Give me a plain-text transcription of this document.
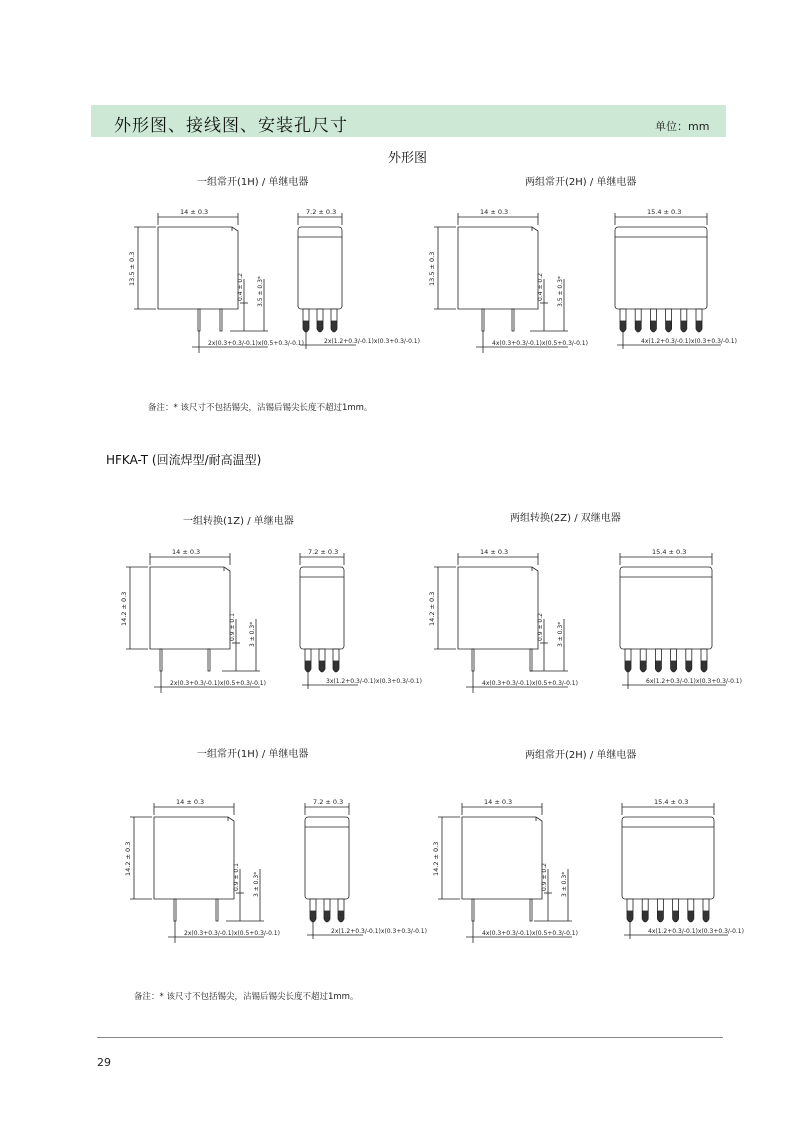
外形图、接线图、安装孔尺寸	单位：mm
外形图
一组常开(1H) / 单继电器	两组常开(2H) / 单继电器
一组转换(1Z) / 单继电器	两组转换(2Z) / 双继电器
一组常开(1H) / 单继电器	两组常开(2H) / 单继电器
备注：* 该尺寸不包括锡尖，沾锡后锡尖长度不超过1mm。
HFKA-T (回流焊型/耐高温型)
备注：* 该尺寸不包括锡尖，沾锡后锡尖长度不超过1mm。
29
14 ± 0.3
13.5 ± 0.3
0.4 ± 0.2 3.5 ± 0.3*
2x(0.3+0.3/-0.1)x(0.5+0.3/-0.1)
7.2 ± 0.3
2x(1.2+0.3/-0.1)x(0.3+0.3/-0.1)
14 ± 0.3
13.5 ± 0.3
0.4 ± 0.2 3.5 ± 0.3*
4x(0.3+0.3/-0.1)x(0.5+0.3/-0.1)
15.4 ± 0.3
4x(1.2+0.3/-0.1)x(0.3+0.3/-0.1)
14 ± 0.3
14.2 ± 0.3
0.9 ± 0.1 3 ± 0.3*
2x(0.3+0.3/-0.1)x(0.5+0.3/-0.1)
7.2 ± 0.3
3x(1.2+0.3/-0.1)x(0.3+0.3/-0.1)
14 ± 0.3
14.2 ± 0.3
0.9 ± 0.2 3 ± 0.3*
4x(0.3+0.3/-0.1)x(0.5+0.3/-0.1)
15.4 ± 0.3
6x(1.2+0.3/-0.1)x(0.3+0.3/-0.1)
14 ± 0.3
14.2 ± 0.3
0.9 ± 0.1 3 ± 0.3*
2x(0.3+0.3/-0.1)x(0.5+0.3/-0.1)
7.2 ± 0.3
2x(1.2+0.3/-0.1)x(0.3+0.3/-0.1)
14 ± 0.3
14.2 ± 0.3
0.9 ± 0.2 3 ± 0.3*
4x(0.3+0.3/-0.1)x(0.5+0.3/-0.1)
15.4 ± 0.3
4x(1.2+0.3/-0.1)x(0.3+0.3/-0.1)
